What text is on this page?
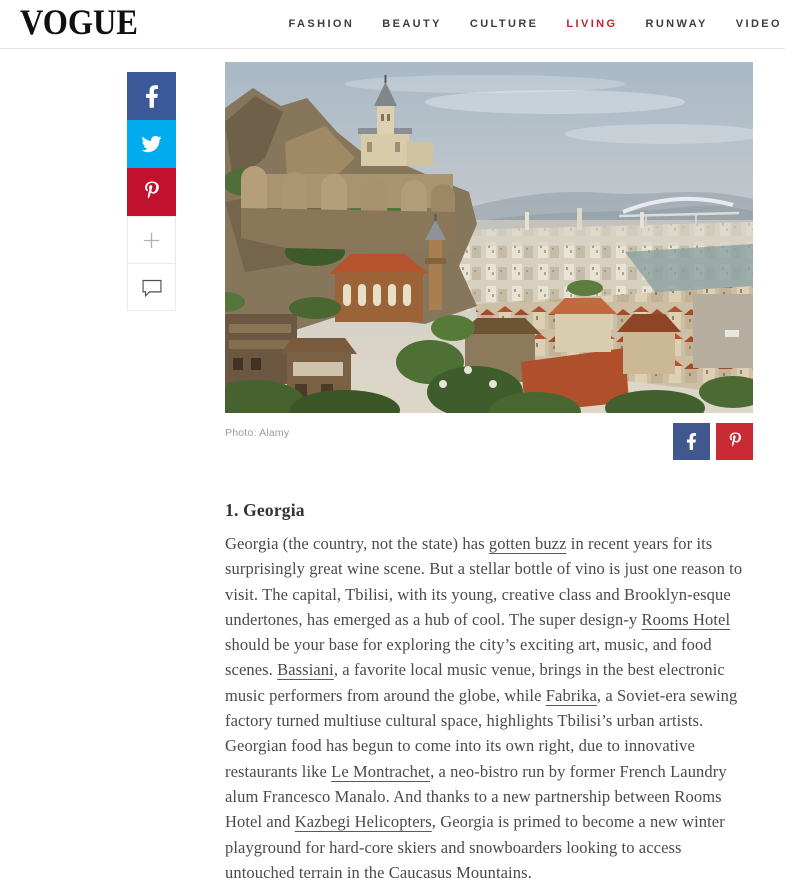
VOGUE	FASHION	BEAUTY	CULTURE	LIVING	RUNWAY	VIDEO
Photo: Alamy
1. Georgia

Georgia (the country, not the state) has gotten buzz in recent years for its surprisingly great wine scene. But a stellar bottle of vino is just one reason to visit. The capital, Tbilisi, with its young, creative class and Brooklyn-esque undertones, has emerged as a hub of cool. The super design-y Rooms Hotel should be your base for exploring the city’s exciting art, music, and food scenes. Bassiani, a favorite local music venue, brings in the best electronic music performers from around the globe, while Fabrika, a Soviet-era sewing factory turned multiuse cultural space, highlights Tbilisi’s urban artists. Georgian food has begun to come into its own right, due to innovative restaurants like Le Montrachet, a neo-bistro run by former French Laundry alum Francesco Manalo. And thanks to a new partnership between Rooms Hotel and Kazbegi Helicopters, Georgia is primed to become a new winter playground for hard-core skiers and snowboarders looking to access untouched terrain in the Caucasus Mountains.
